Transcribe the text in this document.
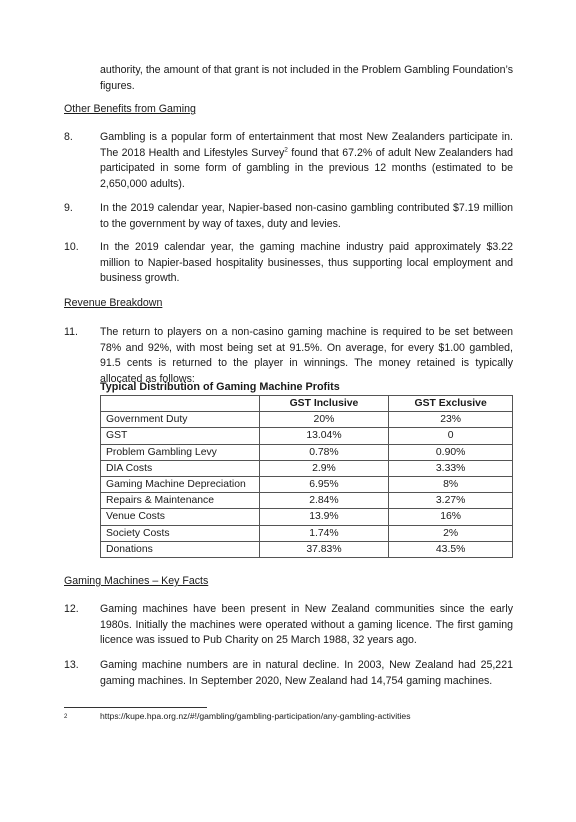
authority, the amount of that grant is not included in the Problem Gambling Foundation’s figures.
Other Benefits from Gaming
8.	Gambling is a popular form of entertainment that most New Zealanders participate in. The 2018 Health and Lifestyles Survey$^2$ found that 67.2% of adult New Zealanders had participated in some form of gambling in the previous 12 months (estimated to be 2,650,000 adults).
9.	In the 2019 calendar year, Napier-based non-casino gambling contributed $7.19 million to the government by way of taxes, duty and levies.
10. In the 2019 calendar year, the gaming machine industry paid approximately $3.22 million to Napier-based hospitality businesses, thus supporting local employment and business growth.
Revenue Breakdown
11. The return to players on a non-casino gaming machine is required to be set between 78% and 92%, with most being set at 91.5%. On average, for every $1.00 gambled, 91.5 cents is returned to the player in winnings. The money retained is typically allocated as follows:
Typical Distribution of Gaming Machine Profits
	GST Inclusive	GST Exclusive
Government Duty	20%	23%
GST	13.04%	0
Problem Gambling Levy	0.78%	0.90%
DIA Costs	2.9%	3.33%
Gaming Machine Depreciation	6.95%	8%
Repairs & Maintenance	2.84%	3.27%
Venue Costs	13.9%	16%
Society Costs	1.74%	2%
Donations	37.83%	43.5%
Gaming Machines – Key Facts
12. Gaming machines have been present in New Zealand communities since the early 1980s. Initially the machines were operated without a gaming licence. The first gaming licence was issued to Pub Charity on 25 March 1988, 32 years ago.
13. Gaming machine numbers are in natural decline. In 2003, New Zealand had 25,221 gaming machines. In September 2020, New Zealand had 14,754 gaming machines.
2	https://kupe.hpa.org.nz/#!/gambling/gambling-participation/any-gambling-activities
